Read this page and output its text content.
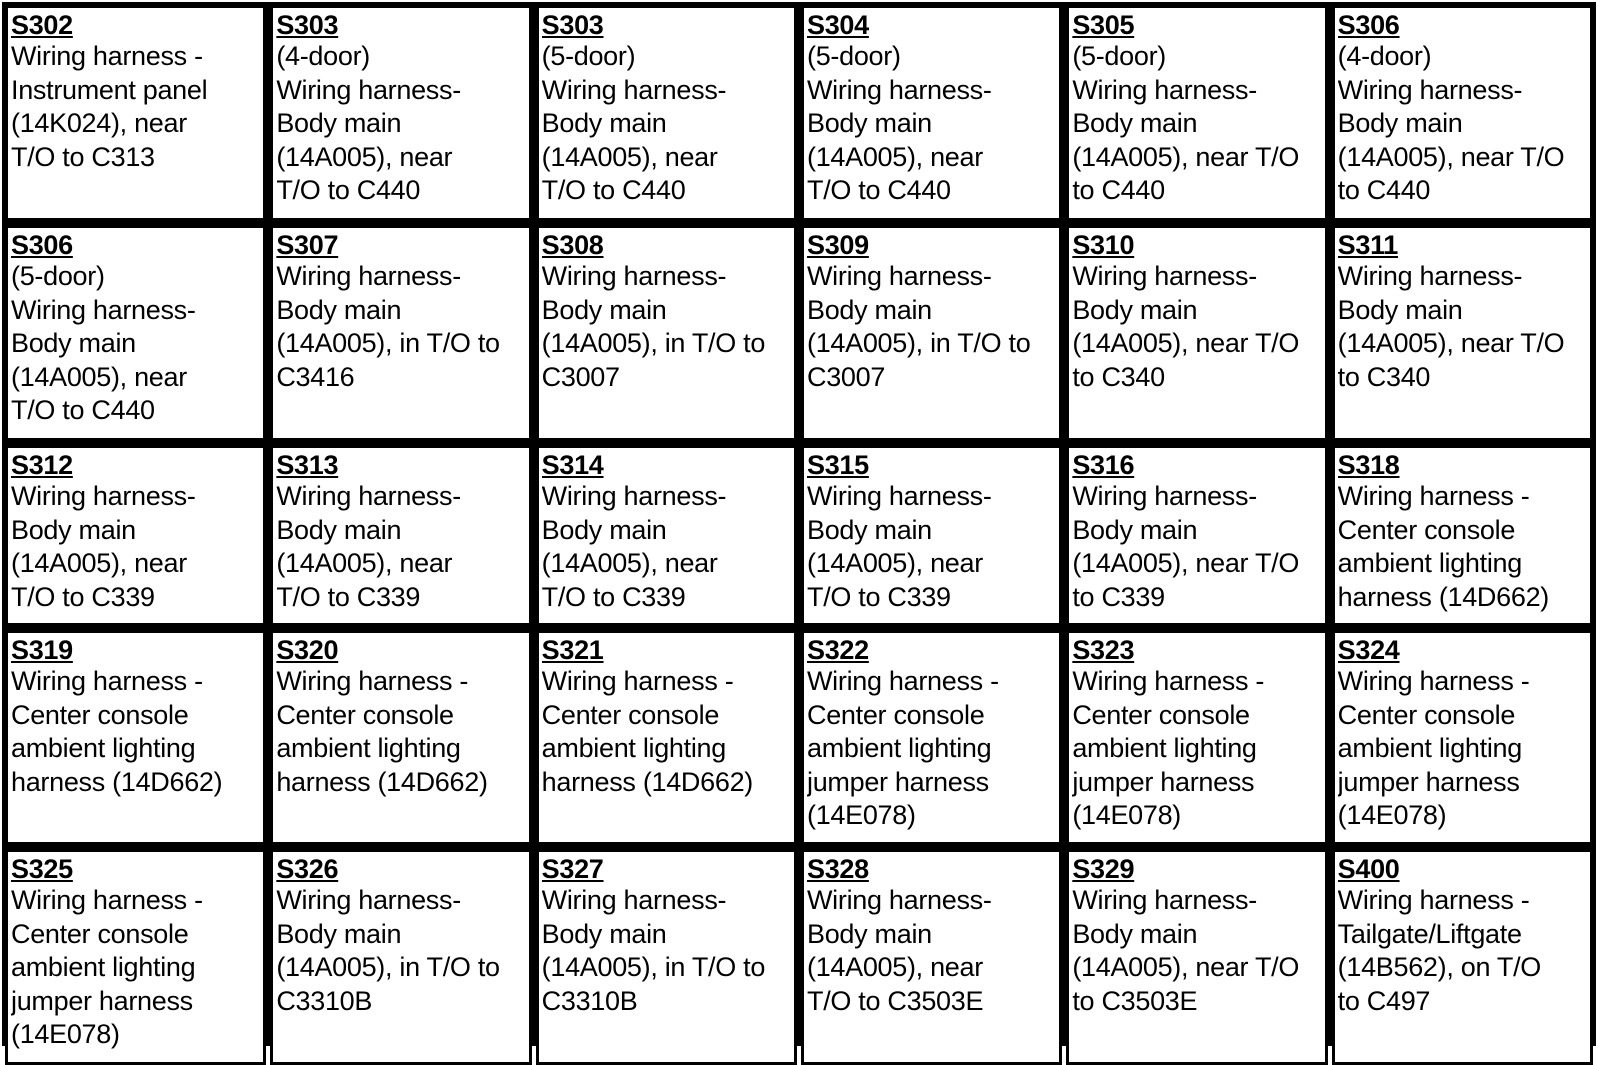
S302
Wiring harness -
Instrument panel
(14K024), near
T/O to C313
S303
(4-door)
Wiring harness-
Body main
(14A005), near
T/O to C440
S303
(5-door)
Wiring harness-
Body main
(14A005), near
T/O to C440
S304
(5-door)
Wiring harness-
Body main
(14A005), near
T/O to C440
S305
(5-door)
Wiring harness-
Body main
(14A005), near T/O
to C440
S306
(4-door)
Wiring harness-
Body main
(14A005), near T/O
to C440
S306
(5-door)
Wiring harness-
Body main
(14A005), near
T/O to C440
S307
Wiring harness-
Body main
(14A005), in T/O to
C3416
S308
Wiring harness-
Body main
(14A005), in T/O to
C3007
S309
Wiring harness-
Body main
(14A005), in T/O to
C3007
S310
Wiring harness-
Body main
(14A005), near T/O
to C340
S311
Wiring harness-
Body main
(14A005), near T/O
to C340
S312
Wiring harness-
Body main
(14A005), near
T/O to C339
S313
Wiring harness-
Body main
(14A005), near
T/O to C339
S314
Wiring harness-
Body main
(14A005), near
T/O to C339
S315
Wiring harness-
Body main
(14A005), near
T/O to C339
S316
Wiring harness-
Body main
(14A005), near T/O
to C339
S318
Wiring harness -
Center console
ambient lighting
harness (14D662)
S319
Wiring harness -
Center console
ambient lighting
harness (14D662)
S320
Wiring harness -
Center console
ambient lighting
harness (14D662)
S321
Wiring harness -
Center console
ambient lighting
harness (14D662)
S322
Wiring harness -
Center console
ambient lighting
jumper harness
(14E078)
S323
Wiring harness -
Center console
ambient lighting
jumper harness
(14E078)
S324
Wiring harness -
Center console
ambient lighting
jumper harness
(14E078)
S325
Wiring harness -
Center console
ambient lighting
jumper harness
(14E078)
S326
Wiring harness-
Body main
(14A005), in T/O to
C3310B
S327
Wiring harness-
Body main
(14A005), in T/O to
C3310B
S328
Wiring harness-
Body main
(14A005), near
T/O to C3503E
S329
Wiring harness-
Body main
(14A005), near T/O
to C3503E
S400
Wiring harness -
Tailgate/Liftgate
(14B562), on T/O
to C497
